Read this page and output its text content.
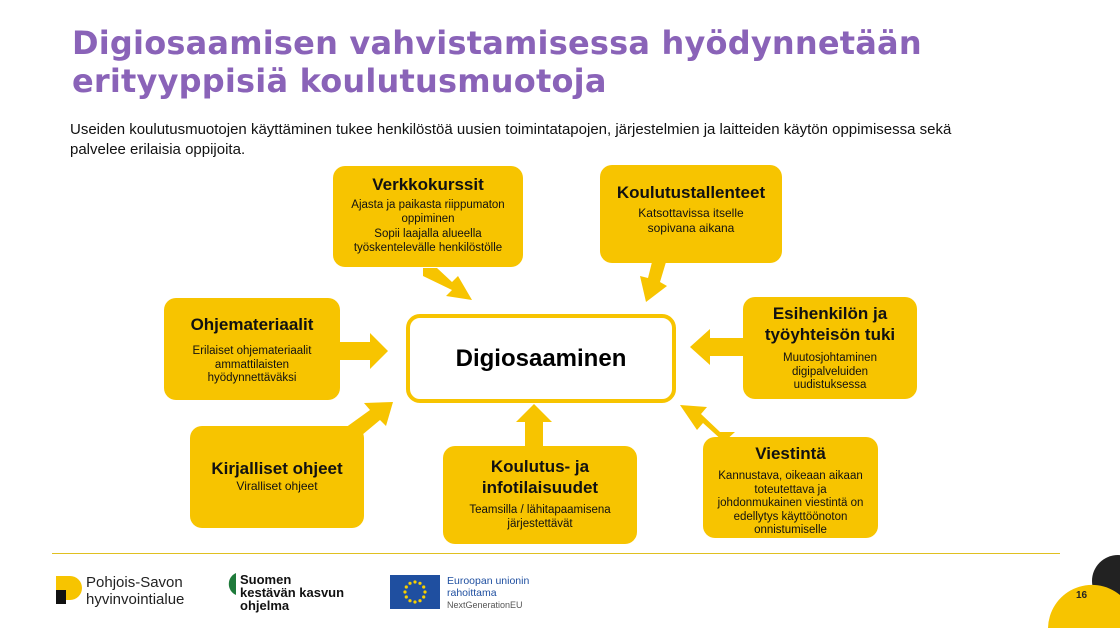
Digiosaamisen vahvistamisessa hyödynnetään
erityyppisiä koulutusmuotoja
Useiden koulutusmuotojen käyttäminen tukee henkilöstöä uusien toimintatapojen, järjestelmien ja laitteiden käytön oppimisessa sekä palvelee erilaisia oppijoita.
Verkkokurssit
Ajasta ja paikasta riippumaton oppiminen
Sopii laajalla alueella työskentelevälle henkilöstölle
Koulutustallenteet
Katsottavissa itselle sopivana aikana
Ohjemateriaalit
Erilaiset ohjemateriaalit ammattilaisten hyödynnettäväksi
Digiosaaminen
Esihenkilön ja työyhteisön tuki
Muutosjohtaminen digipalveluiden uudistuksessa
Kirjalliset ohjeet
Viralliset ohjeet
Koulutus- ja infotilaisuudet
Teamsilla / lähitapaamisena järjestettävät
Viestintä
Kannustava, oikeaan aikaan toteutettava ja johdonmukainen viestintä on edellytys käyttöönoton onnistumiselle
Pohjois-Savon
hyvinvointialue
Suomen
kestävän kasvun
ohjelma
Euroopan unionin
rahoittama
NextGenerationEU
16
